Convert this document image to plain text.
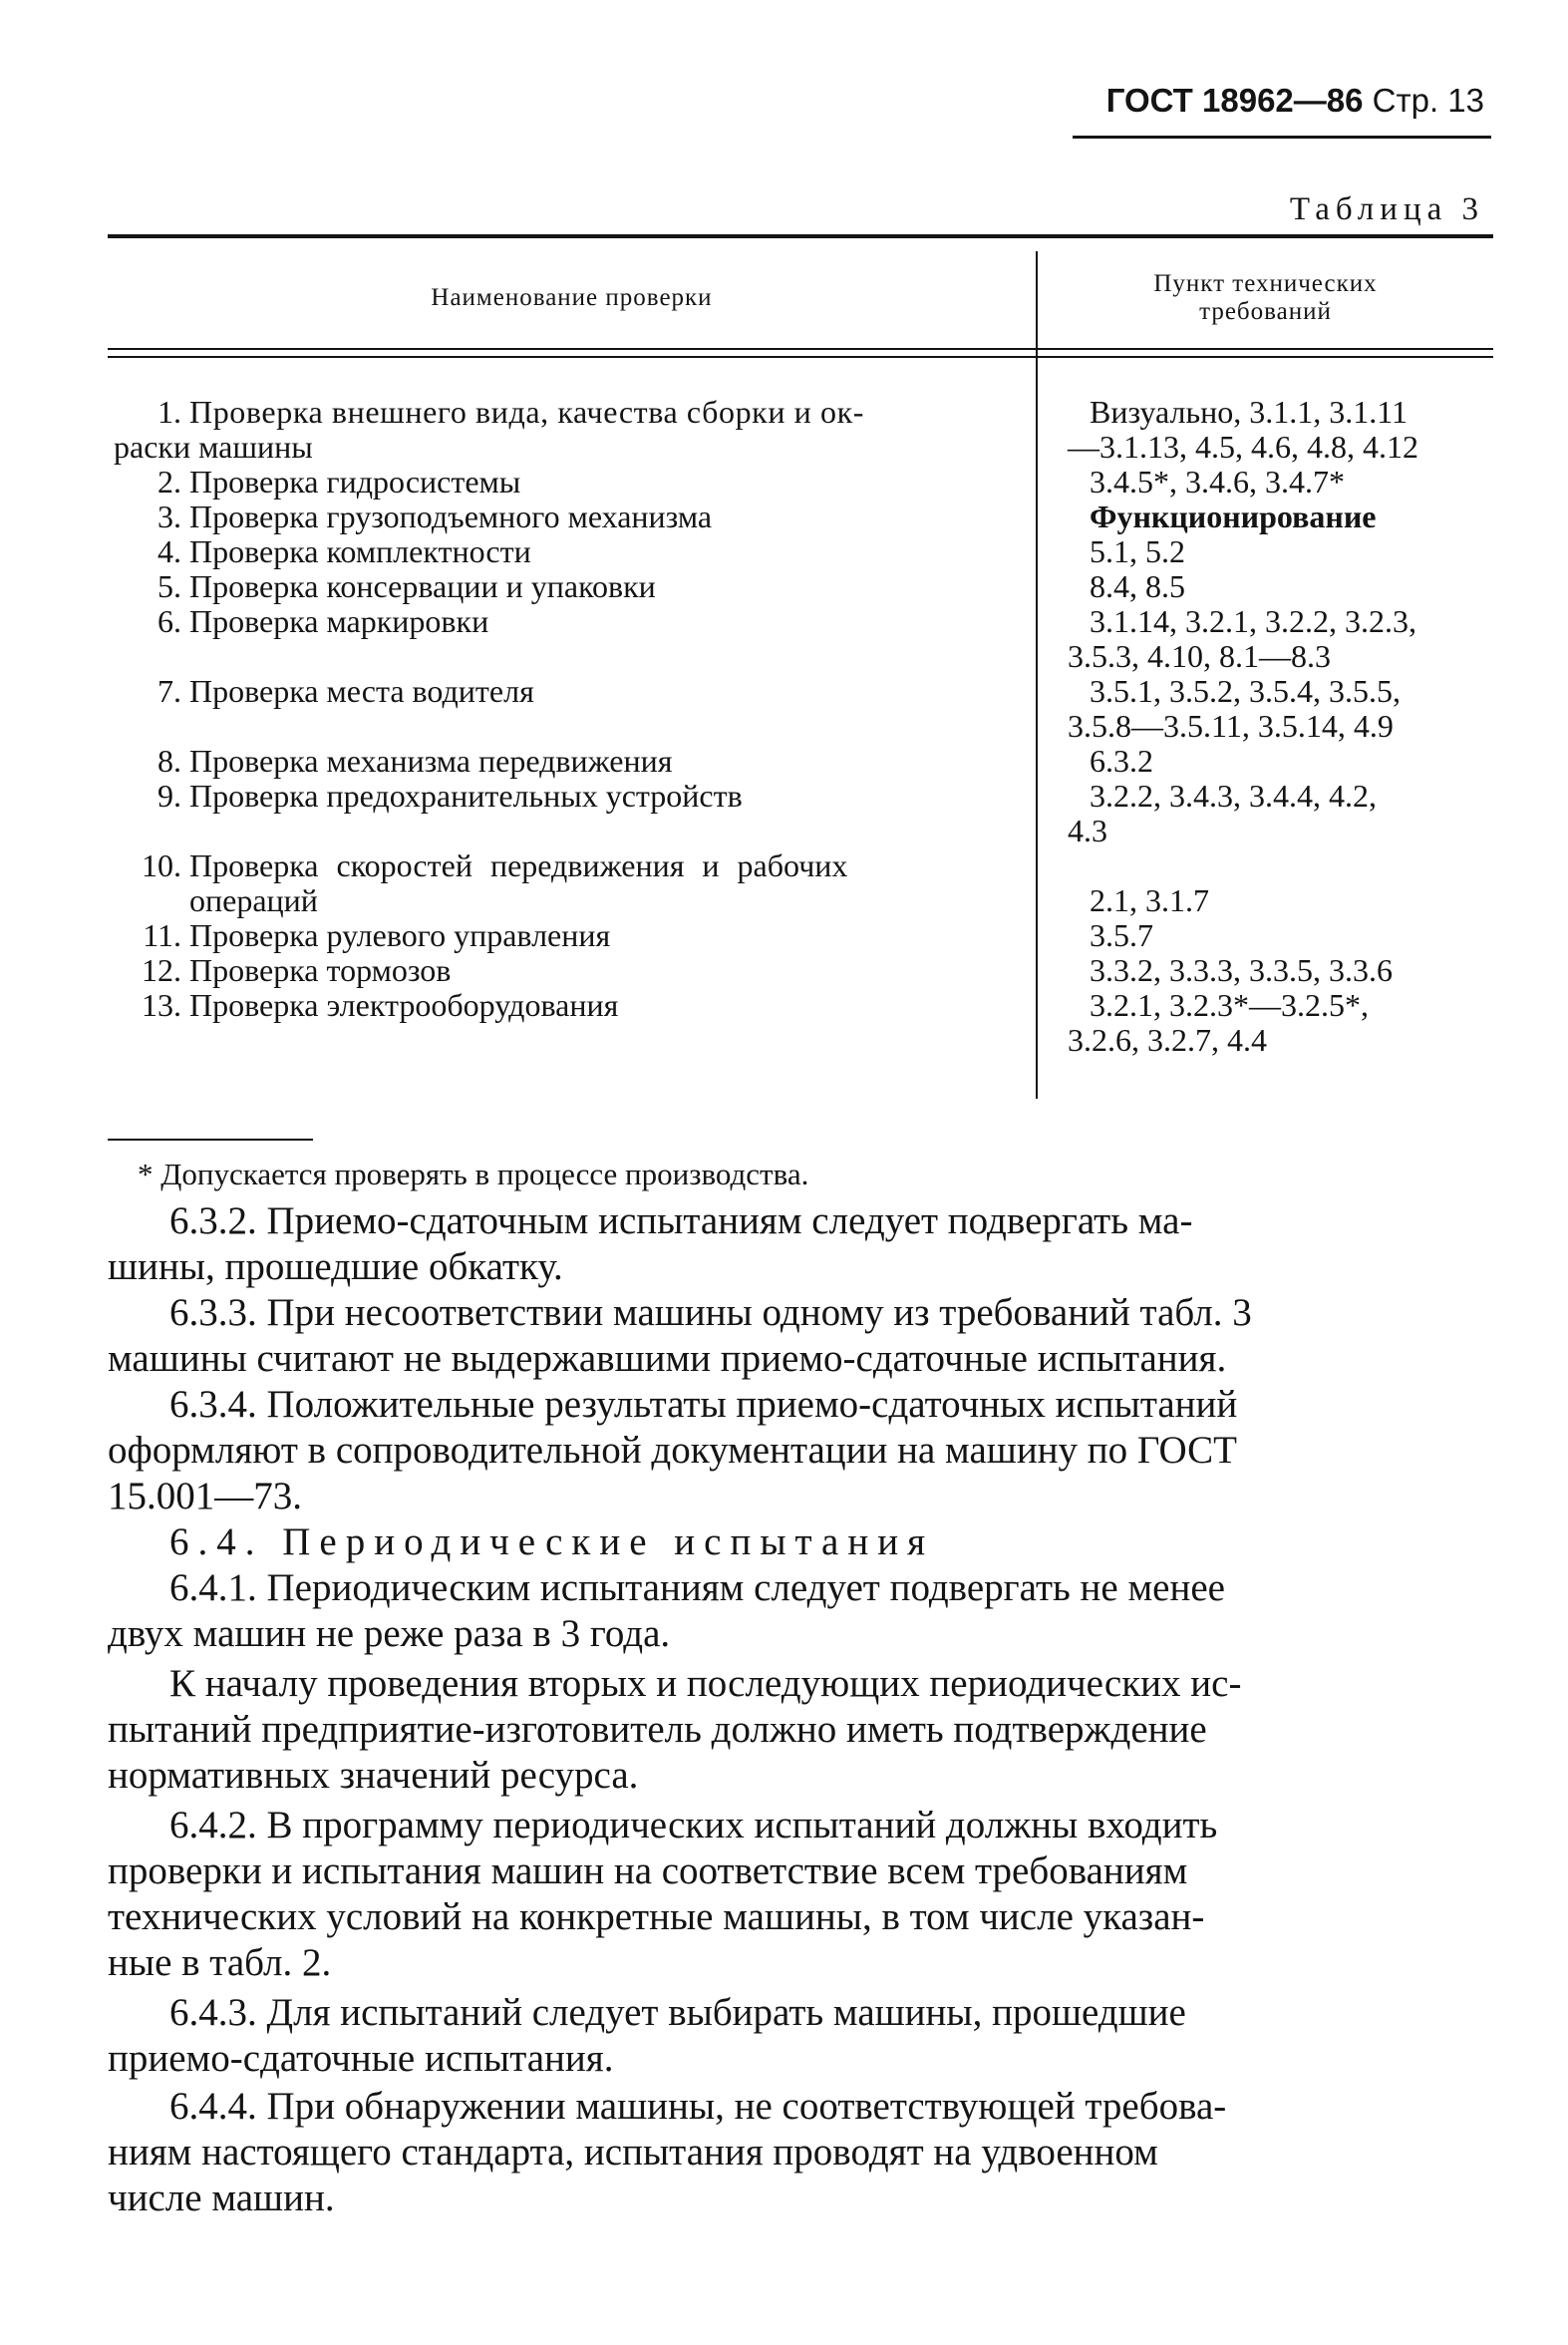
ГОСТ 18962—86 Стр. 13
Таблица 3
Наименование проверки
Пункт технических
требований
1. Проверка внешнего вида, качества сборки и ок-
раски машины
2. Проверка гидросистемы
3. Проверка грузоподъемного механизма
4. Проверка комплектности
5. Проверка консервации и упаковки
6. Проверка маркировки
7. Проверка места водителя
8. Проверка механизма передвижения
9. Проверка предохранительных устройств
10. Проверка скоростей передвижения и рабочих
операций
11. Проверка рулевого управления
12. Проверка тормозов
13. Проверка электрооборудования
Визуально, 3.1.1, 3.1.11
—3.1.13, 4.5, 4.6, 4.8, 4.12
3.4.5*, 3.4.6, 3.4.7*
Функционирование
5.1, 5.2
8.4, 8.5
3.1.14, 3.2.1, 3.2.2, 3.2.3,
3.5.3, 4.10, 8.1—8.3
3.5.1, 3.5.2, 3.5.4, 3.5.5,
3.5.8—3.5.11, 3.5.14, 4.9
6.3.2
3.2.2, 3.4.3, 3.4.4, 4.2,
4.3
2.1, 3.1.7
3.5.7
3.3.2, 3.3.3, 3.3.5, 3.3.6
3.2.1, 3.2.3*—3.2.5*,
3.2.6, 3.2.7, 4.4
* Допускается проверять в процессе производства.
6.3.2. Приемо-сдаточным испытаниям следует подвергать ма-
шины, прошедшие обкатку.
6.3.3. При несоответствии машины одному из требований табл. 3
машины считают не выдержавшими приемо-сдаточные испытания.
6.3.4. Положительные результаты приемо-сдаточных испытаний
оформляют в сопроводительной документации на машину по ГОСТ
15.001—73.
6.4. Периодические испытания
6.4.1. Периодическим испытаниям следует подвергать не менее
двух машин не реже раза в 3 года.
К началу проведения вторых и последующих периодических ис-
пытаний предприятие-изготовитель должно иметь подтверждение
нормативных значений ресурса.
6.4.2. В программу периодических испытаний должны входить
проверки и испытания машин на соответствие всем требованиям
технических условий на конкретные машины, в том числе указан-
ные в табл. 2.
6.4.3. Для испытаний следует выбирать машины, прошедшие
приемо-сдаточные испытания.
6.4.4. При обнаружении машины, не соответствующей требова-
ниям настоящего стандарта, испытания проводят на удвоенном
числе машин.
